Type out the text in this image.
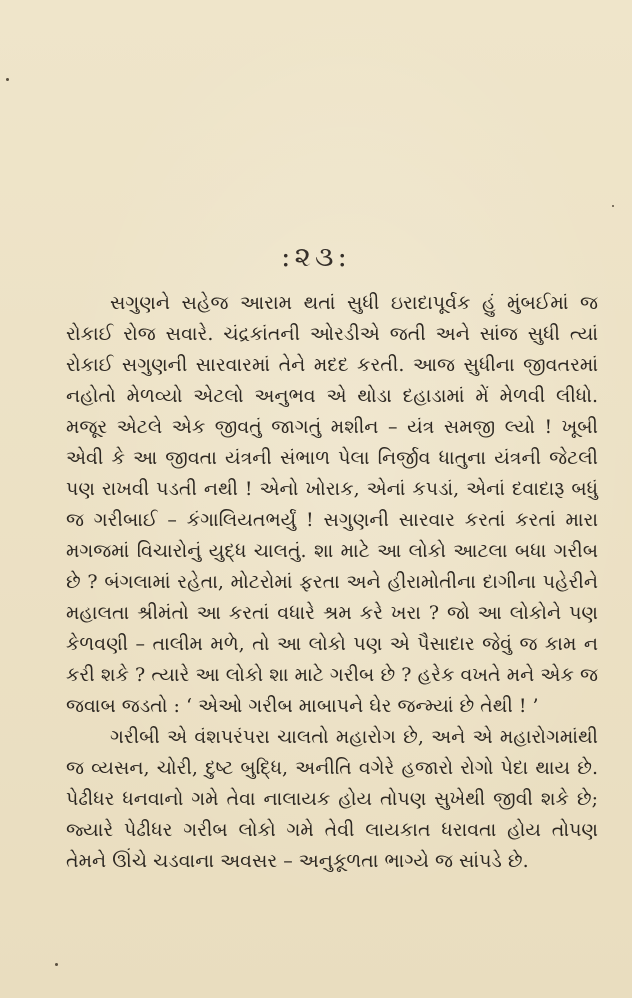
:૨૩:

સગુણને સહેજ આરામ થતાં સુધી ઇરાદાપૂર્વક હું મુંબઈમાં જ રોકાઈ રોજ સવારે. ચંદ્રકાંતની ઓરડીએ જતી અને સાંજ સુધી ત્યાં રોકાઈ સગુણની સારવારમાં તેને મદદ કરતી. આજ સુધીના જીવતરમાં નહોતો મેળવ્યો એટલો અનુભવ એ થોડા દહાડામાં મેં મેળવી લીધો. મજૂર એટલે એક જીવતું જાગતું મશીન – યંત્ર સમજી લ્યો ! ખૂબી એવી કે આ જીવતા યંત્રની સંભાળ પેલા નિર્જીવ ધાતુના યંત્રની જેટલી પણ રાખવી પડતી નથી ! એનો ખોરાક, એનાં કપડાં, એનાં દવાદારૂ બધું જ ગરીબાઈ – કંગાલિયતભર્યું ! સગુણની સારવાર કરતાં કરતાં મારા મગજમાં વિચારોનું યુદ્ધ ચાલતું. શા માટે આ લોકો આટલા બધા ગરીબ છે ? બંગલામાં રહેતા, મોટરોમાં ફરતા અને હીરામોતીના દાગીના પહેરીને મહાલતા શ્રીમંતો આ કરતાં વધારે શ્રમ કરે ખરા ? જો આ લોકોને પણ કેળવણી – તાલીમ મળે, તો આ લોકો પણ એ પૈસાદાર જેવું જ કામ ન કરી શકે ? ત્યારે આ લોકો શા માટે ગરીબ છે ? હરેક વખતે મને એક જ જવાબ જડતો : ‘ એઓ ગરીબ માબાપને ઘેર જન્મ્યાં છે તેથી ! ’

ગરીબી એ વંશપરંપરા ચાલતો મહારોગ છે, અને એ મહારોગમાંથી જ વ્યસન, ચોરી, દુષ્ટ બુદ્ધિ, અનીતિ વગેરે હજારો રોગો પેદા થાય છે. પેઢીધર ધનવાનો ગમે તેવા નાલાયક હોય તોપણ સુખેથી જીવી શકે છે; જ્યારે પેઢીધર ગરીબ લોકો ગમે તેવી લાયકાત ધરાવતા હોય તોપણ તેમને ઊંચે ચડવાના અવસર – અનુકૂળતા ભાગ્યે જ સાંપડે છે.
